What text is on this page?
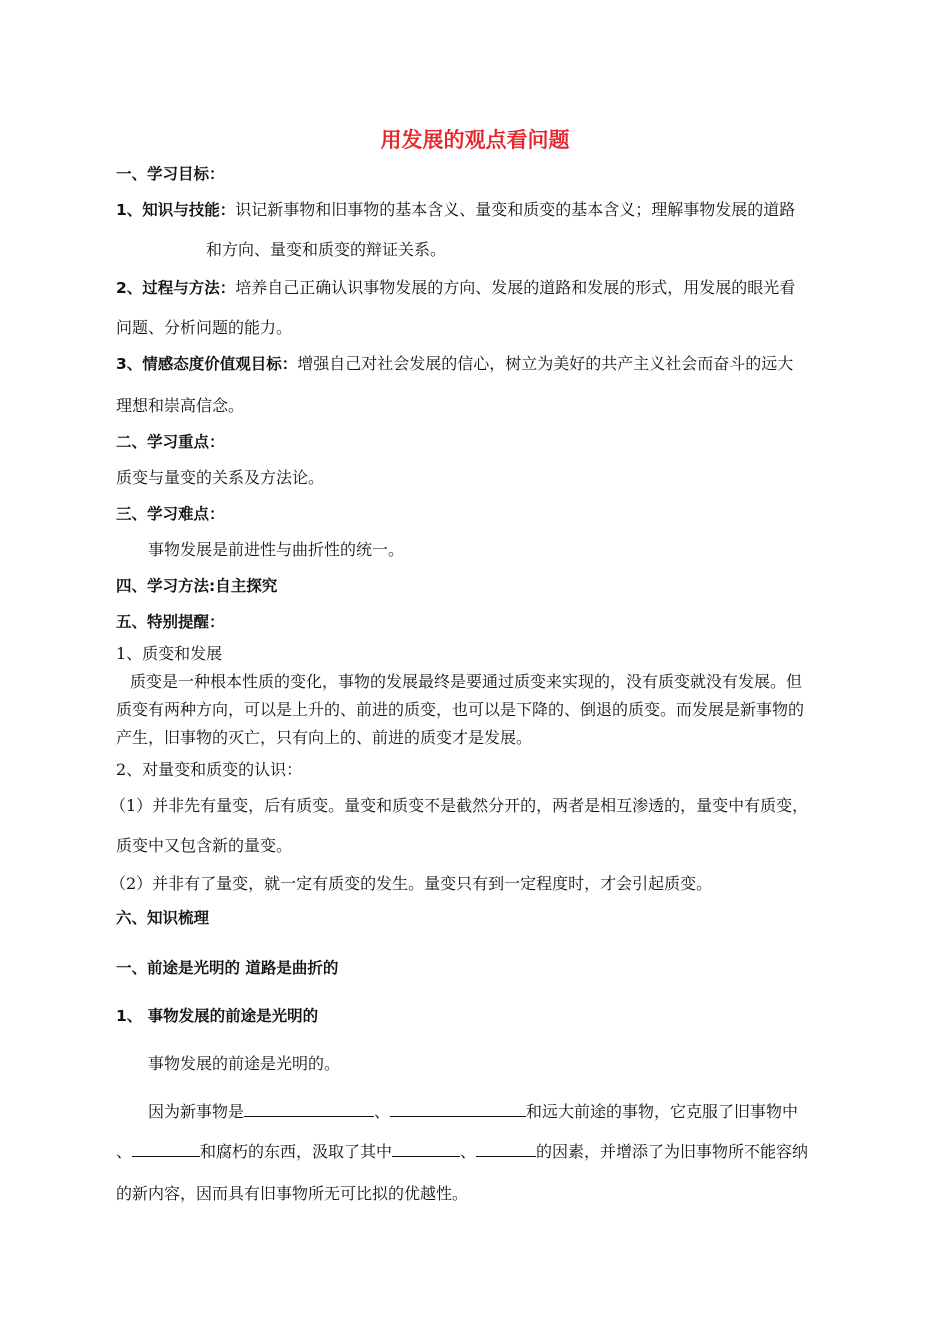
用发展的观点看问题
一、学习目标：
1、知识与技能：识记新事物和旧事物的基本含义、量变和质变的基本含义；理解事物发展的道路
和方向、量变和质变的辩证关系。
2、过程与方法：培养自己正确认识事物发展的方向、发展的道路和发展的形式，用发展的眼光看
问题、分析问题的能力。
3、情感态度价值观目标：增强自己对社会发展的信心，树立为美好的共产主义社会而奋斗的远大
理想和崇高信念。
二、学习重点：
质变与量变的关系及方法论。
三、学习难点：
事物发展是前进性与曲折性的统一。
四、学习方法:自主探究
五、特别提醒：
1、质变和发展
质变是一种根本性质的变化，事物的发展最终是要通过质变来实现的，没有质变就没有发展。但
质变有两种方向，可以是上升的、前进的质变，也可以是下降的、倒退的质变。而发展是新事物的
产生，旧事物的灭亡，只有向上的、前进的质变才是发展。
2、对量变和质变的认识：
（1）并非先有量变，后有质变。量变和质变不是截然分开的，两者是相互渗透的，量变中有质变，
质变中又包含新的量变。
（2）并非有了量变，就一定有质变的发生。量变只有到一定程度时，才会引起质变。
六、知识梳理
一、前途是光明的 道路是曲折的
1、 事物发展的前途是光明的
事物发展的前途是光明的。
因为新事物是	、	和远大前途的事物，它克服了旧事物中
、	和腐朽的东西，汲取了其中	、	的因素，并增添了为旧事物所不能容纳
的新内容，因而具有旧事物所无可比拟的优越性。
